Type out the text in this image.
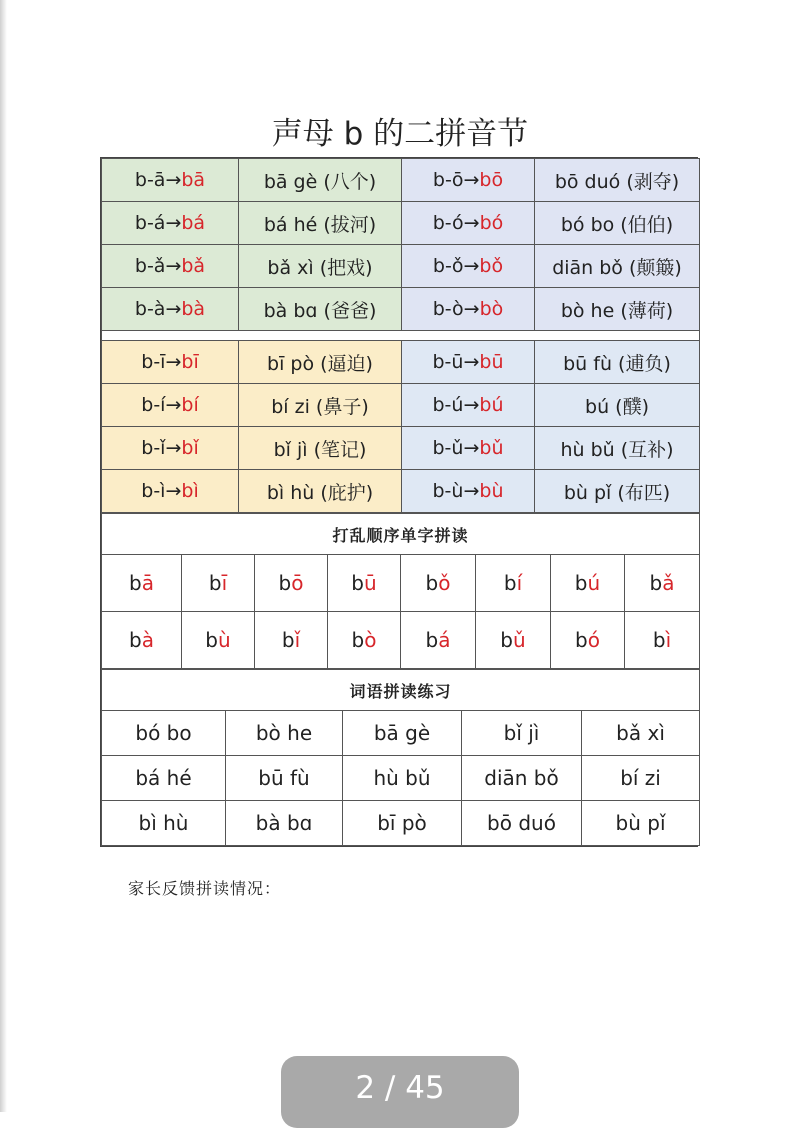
声母 b 的二拼音节
b-ā→bā	bā gè (八个)	b-ō→bō	bō duó (剥夺)
b-á→bá	bá hé (拔河)	b-ó→bó	bó bo (伯伯)
b-ǎ→bǎ	bǎ xì (把戏)	b-ǒ→bǒ	diān bǒ (颠簸)
b-à→bà	bà bɑ (爸爸)	b-ò→bò	bò he (薄荷)

b-ī→bī	bī pò (逼迫)	b-ū→bū	bū fù (逋负)
b-í→bí	bí zi (鼻子)	b-ú→bú	bú (醭)
b-ǐ→bǐ	bǐ jì (笔记)	b-ǔ→bǔ	hù bǔ (互补)
b-ì→bì	bì hù (庇护)	b-ù→bù	bù pǐ (布匹)
打乱顺序单字拼读							
bā	bī	bō	bū	bǒ	bí	bú	bǎ
bà	bù	bǐ	bò	bá	bǔ	bó	bì
词语拼读练习				
bó bo	bò he	bā gè	bǐ jì	bǎ xì
bá hé	bū fù	hù bǔ	diān bǒ	bí zi
bì hù	bà bɑ	bī pò	bō duó	bù pǐ
家长反馈拼读情况：
2 / 45
